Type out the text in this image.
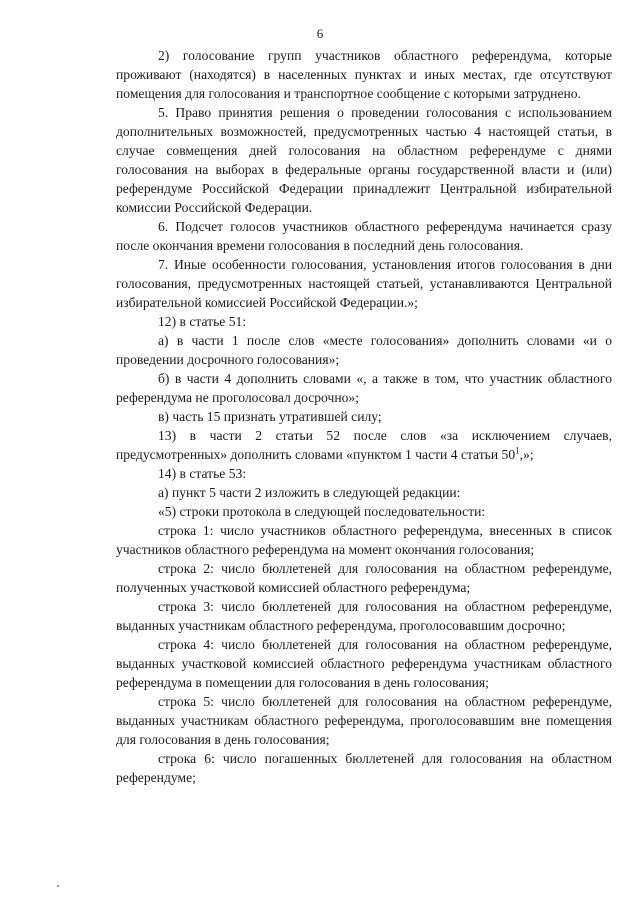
6

2) голосование групп участников областного референдума, которые проживают (находятся) в населенных пунктах и иных местах, где отсутствуют помещения для голосования и транспортное сообщение с которыми затруднено.

5. Право принятия решения о проведении голосования с использованием дополнительных возможностей, предусмотренных частью 4 настоящей статьи, в случае совмещения дней голосования на областном референдуме с днями голосования на выборах в федеральные органы государственной власти и (или) референдуме Российской Федерации принадлежит Центральной избирательной комиссии Российской Федерации.

6. Подсчет голосов участников областного референдума начинается сразу после окончания времени голосования в последний день голосования.

7. Иные особенности голосования, установления итогов голосования в дни голосования, предусмотренных настоящей статьей, устанавливаются Центральной избирательной комиссией Российской Федерации.»;

12) в статье 51:

а) в части 1 после слов «месте голосования» дополнить словами «и о проведении досрочного голосования»;

б) в части 4 дополнить словами «, а также в том, что участник областного референдума не проголосовал досрочно»;

в) часть 15 признать утратившей силу;

13) в части 2 статьи 52 после слов «за исключением случаев, предусмотренных» дополнить словами «пунктом 1 части 4 статьи $50^1$,»;

14) в статье 53:

а) пункт 5 части 2 изложить в следующей редакции:

«5) строки протокола в следующей последовательности:

строка 1: число участников областного референдума, внесенных в список участников областного референдума на момент окончания голосования;

строка 2: число бюллетеней для голосования на областном референдуме, полученных участковой комиссией областного референдума;

строка 3: число бюллетеней для голосования на областном референдуме, выданных участникам областного референдума, проголосовавшим досрочно;

строка 4: число бюллетеней для голосования на областном референдуме, выданных участковой комиссией областного референдума участникам областного референдума в помещении для голосования в день голосования;

строка 5: число бюллетеней для голосования на областном референдуме, выданных участникам областного референдума, проголосовавшим вне помещения для голосования в день голосования;

строка 6: число погашенных бюллетеней для голосования на областном референдуме;
